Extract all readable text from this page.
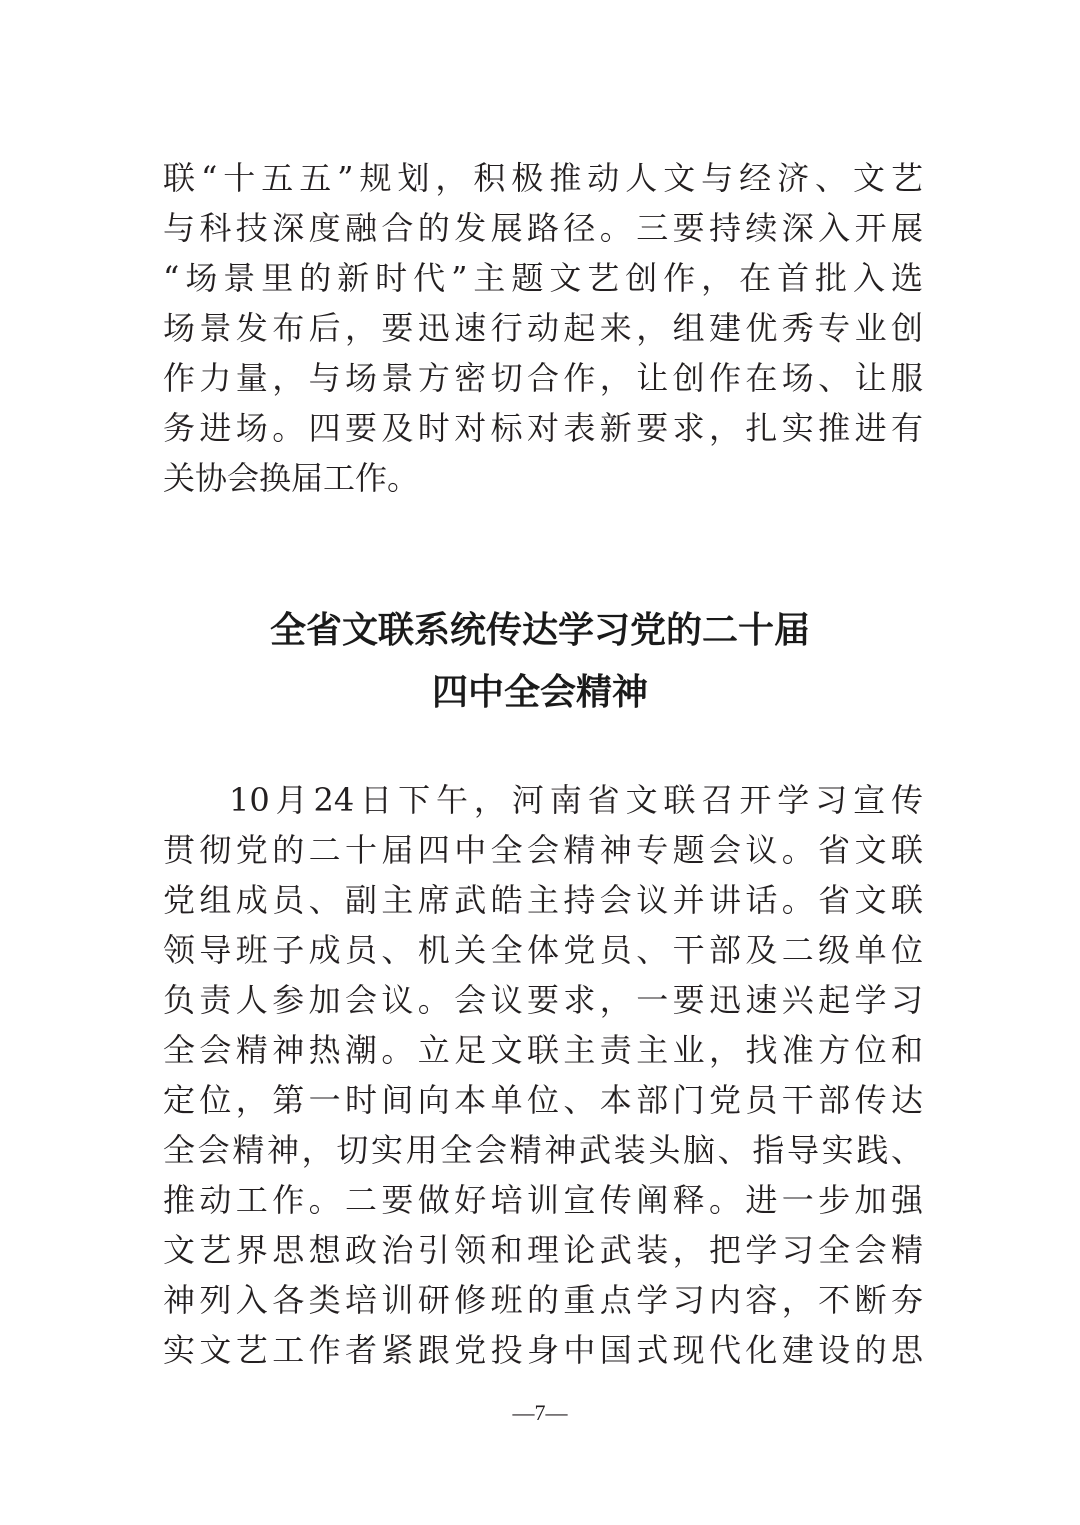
联“十五五”规划，积极推动人文与经济、文艺
与科技深度融合的发展路径。三要持续深入开展
“场景里的新时代”主题文艺创作，在首批入选
场景发布后，要迅速行动起来，组建优秀专业创
作力量，与场景方密切合作，让创作在场、让服
务进场。四要及时对标对表新要求，扎实推进有
关协会换届工作。
全省文联系统传达学习党的二十届
四中全会精神
10月24日下午，河南省文联召开学习宣传
贯彻党的二十届四中全会精神专题会议。省文联
党组成员、副主席武皓主持会议并讲话。省文联
领导班子成员、机关全体党员、干部及二级单位
负责人参加会议。会议要求，一要迅速兴起学习
全会精神热潮。立足文联主责主业，找准方位和
定位，第一时间向本单位、本部门党员干部传达
全会精神，切实用全会精神武装头脑、指导实践、
推动工作。二要做好培训宣传阐释。进一步加强
文艺界思想政治引领和理论武装，把学习全会精
神列入各类培训研修班的重点学习内容，不断夯
实文艺工作者紧跟党投身中国式现代化建设的思
—7—
